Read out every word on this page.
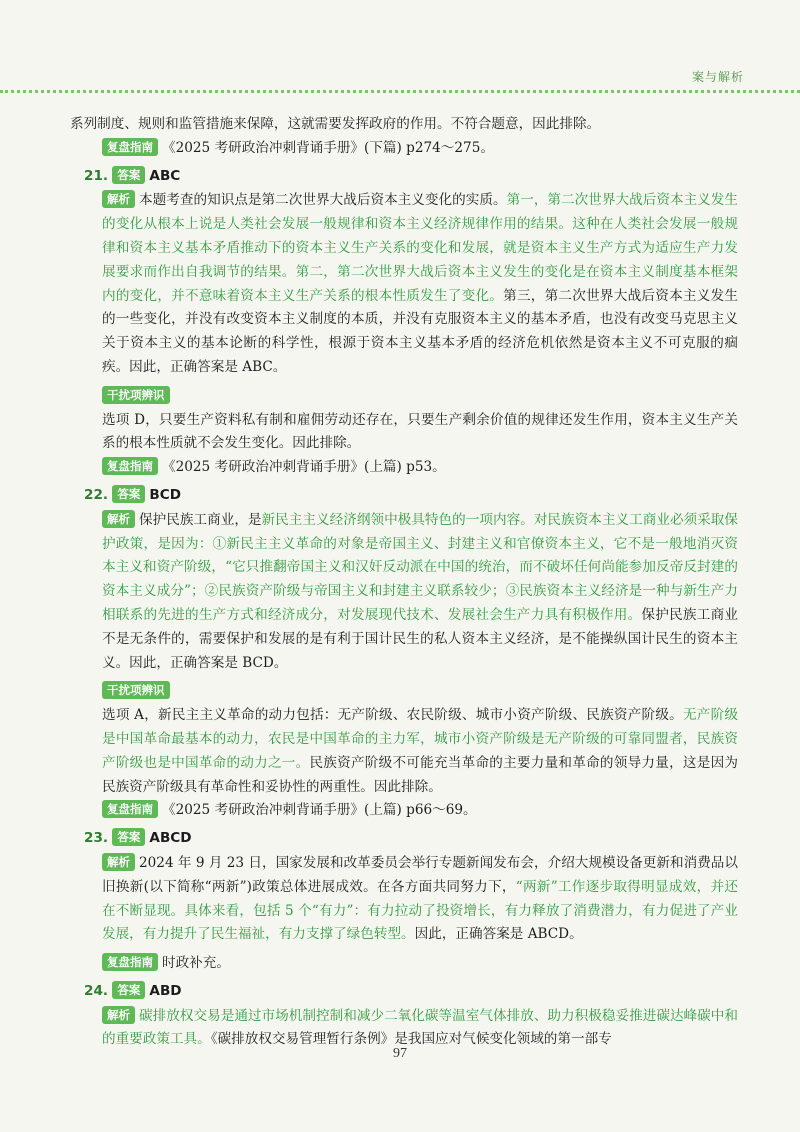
案与解析
系列制度、规则和监管措施来保障，这就需要发挥政府的作用。不符合题意，因此排除。
复盘指南 《2025 考研政治冲刺背诵手册》(下篇) p274～275。
21. 答案 ABC
解析 本题考查的知识点是第二次世界大战后资本主义变化的实质。第一，第二次世界大战后资本主义发生的变化从根本上说是人类社会发展一般规律和资本主义经济规律作用的结果。这种在人类社会发展一般规律和资本主义基本矛盾推动下的资本主义生产关系的变化和发展，就是资本主义生产方式为适应生产力发展要求而作出自我调节的结果。第二，第二次世界大战后资本主义发生的变化是在资本主义制度基本框架内的变化，并不意味着资本主义生产关系的根本性质发生了变化。第三，第二次世界大战后资本主义发生的一些变化，并没有改变资本主义制度的本质，并没有克服资本主义的基本矛盾，也没有改变马克思主义关于资本主义的基本论断的科学性，根源于资本主义基本矛盾的经济危机依然是资本主义不可克服的痼疾。因此，正确答案是 ABC。
干扰项辨识
选项 D，只要生产资料私有制和雇佣劳动还存在，只要生产剩余价值的规律还发生作用，资本主义生产关系的根本性质就不会发生变化。因此排除。
复盘指南 《2025 考研政治冲刺背诵手册》(上篇) p53。
22. 答案 BCD
解析 保护民族工商业，是新民主主义经济纲领中极具特色的一项内容。对民族资本主义工商业必须采取保护政策，是因为：①新民主主义革命的对象是帝国主义、封建主义和官僚资本主义，它不是一般地消灭资本主义和资产阶级，“它只推翻帝国主义和汉奸反动派在中国的统治，而不破坏任何尚能参加反帝反封建的资本主义成分”；②民族资产阶级与帝国主义和封建主义联系较少；③民族资本主义经济是一种与新生产力相联系的先进的生产方式和经济成分，对发展现代技术、发展社会生产力具有积极作用。保护民族工商业不是无条件的，需要保护和发展的是有利于国计民生的私人资本主义经济，是不能操纵国计民生的资本主义。因此，正确答案是 BCD。
干扰项辨识
选项 A，新民主主义革命的动力包括：无产阶级、农民阶级、城市小资产阶级、民族资产阶级。无产阶级是中国革命最基本的动力，农民是中国革命的主力军，城市小资产阶级是无产阶级的可靠同盟者，民族资产阶级也是中国革命的动力之一。民族资产阶级不可能充当革命的主要力量和革命的领导力量，这是因为民族资产阶级具有革命性和妥协性的两重性。因此排除。
复盘指南 《2025 考研政治冲刺背诵手册》(上篇) p66～69。
23. 答案 ABCD
解析 2024 年 9 月 23 日，国家发展和改革委员会举行专题新闻发布会，介绍大规模设备更新和消费品以旧换新(以下简称“两新”)政策总体进展成效。在各方面共同努力下，“两新”工作逐步取得明显成效，并还在不断显现。具体来看，包括 5 个“有力”：有力拉动了投资增长，有力释放了消费潜力，有力促进了产业发展，有力提升了民生福祉，有力支撑了绿色转型。因此，正确答案是 ABCD。
复盘指南 时政补充。
24. 答案 ABD
解析 碳排放权交易是通过市场机制控制和减少二氧化碳等温室气体排放、助力积极稳妥推进碳达峰碳中和的重要政策工具。《碳排放权交易管理暂行条例》是我国应对气候变化领域的第一部专
97
